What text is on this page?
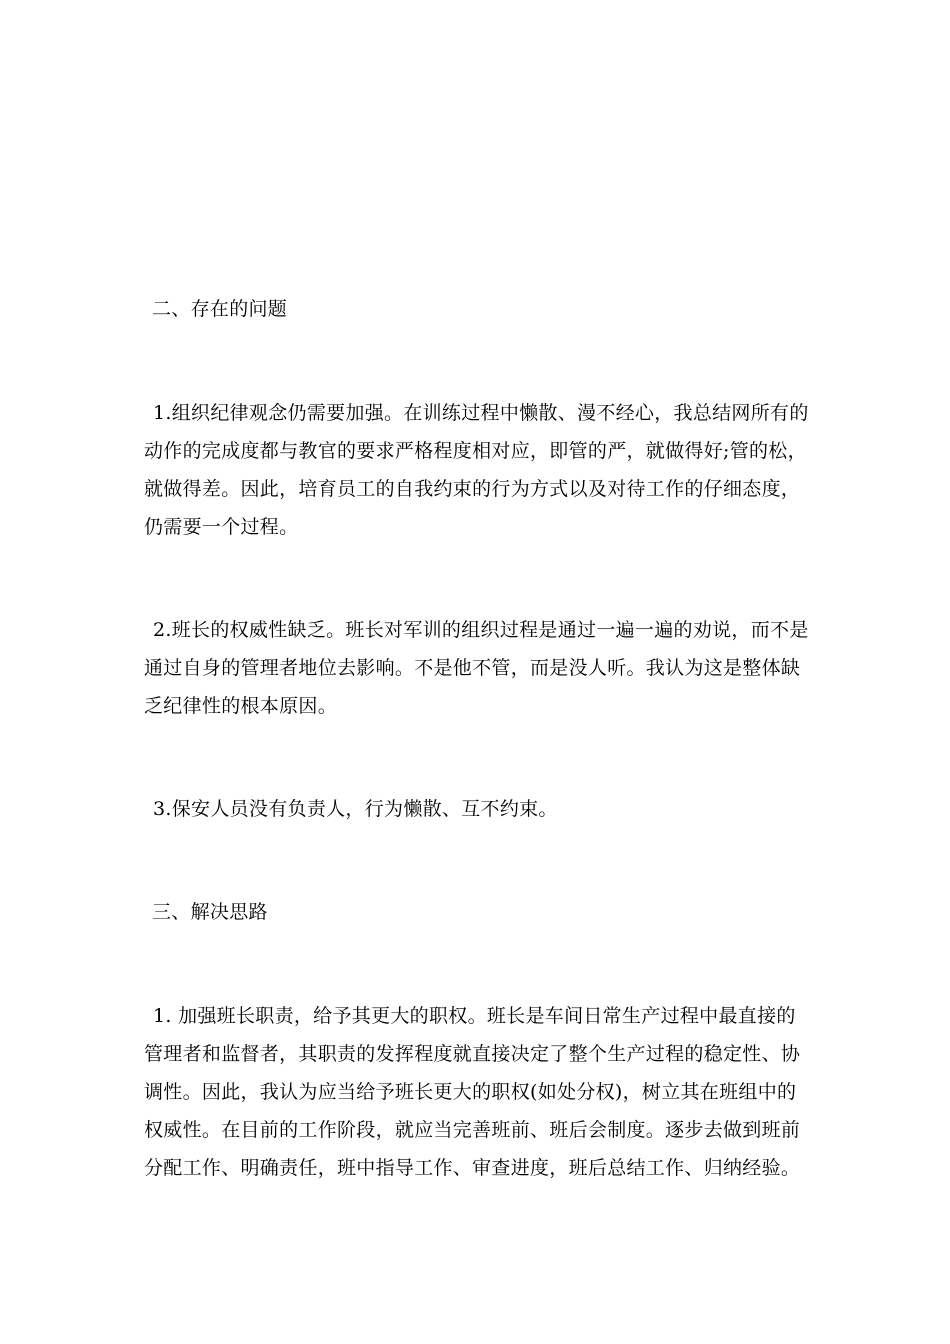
二、存在的问题

1.组织纪律观念仍需要加强。在训练过程中懒散、漫不经心，我总结网所有的动作的完成度都与教官的要求严格程度相对应，即管的严，就做得好;管的松，就做得差。因此，培育员工的自我约束的行为方式以及对待工作的仔细态度，仍需要一个过程。

2.班长的权威性缺乏。班长对军训的组织过程是通过一遍一遍的劝说，而不是通过自身的管理者地位去影响。不是他不管，而是没人听。我认为这是整体缺乏纪律性的根本原因。

3.保安人员没有负责人，行为懒散、互不约束。

三、解决思路

1. 加强班长职责，给予其更大的职权。班长是车间日常生产过程中最直接的管理者和监督者，其职责的发挥程度就直接决定了整个生产过程的稳定性、协调性。因此，我认为应当给予班长更大的职权(如处分权)，树立其在班组中的权威性。在目前的工作阶段，就应当完善班前、班后会制度。逐步去做到班前分配工作、明确责任，班中指导工作、审查进度，班后总结工作、归纳经验。
